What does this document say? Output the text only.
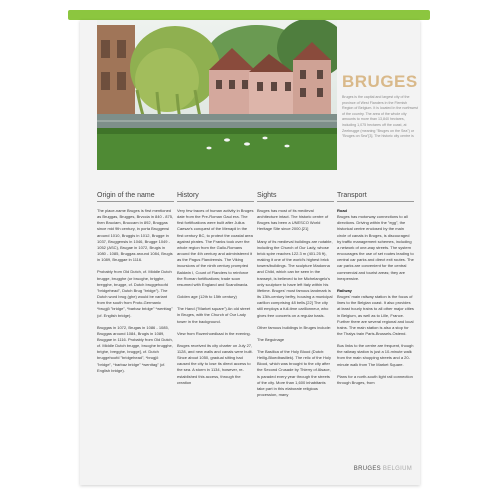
BRUGES

Bruges is the capital and largest city of the province of West Flanders in the Flemish Region of Belgium. It is located in the northwest of the country. The area of the whole city amounts to more than 13,840 hectares, including 1,075 hectares off the coast, at Zeebrugge (meaning "Bruges on the Sea") or "Bruges on Sea"[3]. The historic city centre is

Origin of the name

The place-name Bruges is first mentioned as Bruggas, Brugges, Brvccia in 840 - 875, then Bruciam, Bruccam in 892, Bruggas since mid 9th century, in porta Bruggensi around 1010, Bruggis in 1012, Brugge in 1037, Bruggensis in 1046, Brugge 1049 - 1052 (ASC), Brugae in 1072, Brugis in 1080 - 1085, Bruggas around 1084, Brugis in 1089, Bruggae in 1116.

Probably from Old Dutch, cf. Middle Dutch brugge, brugghe (or brucghe, brigghe, bregghe, brugge, cf. Dutch bruggehoofd "bridgehead", Dutch Brug "bridge"). The Dutch word brug (ghe) would be variant from the south from Proto-Germanic *brugjō "bridge", *barbaz bridge" *wenttag" (cf. English bridge).

Bruggas in 1072, Brugas in 1086 - 1085, Bruggas around 1084, Brugis in 1089, Bruggae in 1116. Probably from Old Dutch, cf. Middle Dutch brugge, brucghe brugghe, brighe, bregghe, brugge], cf. Dutch bruggehoofd "bridgehead", *brugjō "bridge", *barbaz bridge" *wenttag" (cf. English bridge).

History

Very few traces of human activity in Bruges date from the Pre-Roman Gaul era. The first fortifications were built after Julius Caesar's conquest of the Menapii in the first century BC, to protect the coastal area against pirates. The Franks took over the whole region from the Gallo-Romans around the 4th century and administered it as the Pagus Flandrensis. The Viking incursions of the ninth century prompted Baldwin I, Count of Flanders to reinforce the Roman fortifications; trade soon resumed with England and Scandinavia.

Golden age (12th to 15th century)

The Hand ("Market square") An old street in Bruges, with the Church of Our Lady tower in the background.

View from Rozenhoedkaai in the evening.

Bruges received its city charter on July 27, 1128, and new walls and canals were built. Since about 1050, gradual silting had caused the city to lose its direct access to the sea. A storm in 1134, however, re-established this access, through the creation

Sights

Bruges has most of its medieval architecture intact. The historic centre of Bruges has been a UNESCO World Heritage Site since 2000.[21]

Many of its medieval buildings are notable, including the Church of Our Lady, whose brick spire reaches 122.3 m (401.25 ft), making it one of the world's highest brick towers/buildings. The sculpture Madonna and Child, which can be seen in the transept, is believed to be Michelangelo's only sculpture to have left Italy within his lifetime. Bruges' most famous landmark is its 13th-century belfry, housing a municipal carillon comprising 48 bells.[22] The city still employs a full-time carillonneur, who gives free concerts on a regular basis.

Other famous buildings in Bruges include:

The Beguinage

The Basilica of the Holy Blood (Dutch: Heilig-Bloedbasiliek). The relic of the Holy Blood, which was brought to the city after the Second Crusade by Thierry of Alsace, is paraded every year through the streets of the city. More than 1,600 inhabitants take part in this elaborate religious procession, many

Transport

Road

Bruges has motorway connections to all directions. Driving within the "egg", the historical centre enclosed by the main circle of canals in Bruges, is discouraged by traffic management schemes, including a network of one-way streets. The system encourages the use of set routes leading to central car parks and direct exit routes. The car parks are convenient for the central commercial and tourist areas; they are inexpensive.

Railway

Bruges' main railway station is the focus of lines to the Belgian coast. It also provides at least hourly trains to all other major cities in Belgium, as well as to Lille, France. Further there are several regional and local trains. The main station is also a stop for the Thalys train Paris-Brussels-Ostend.

Bus links to the centre are frequent, though the railway station is just a 10-minute walk from the main shopping streets and a 20-minute walk from The Market Square.

Plans for a north-south light rail connection through Bruges, from

BRUGES BELGIUM
